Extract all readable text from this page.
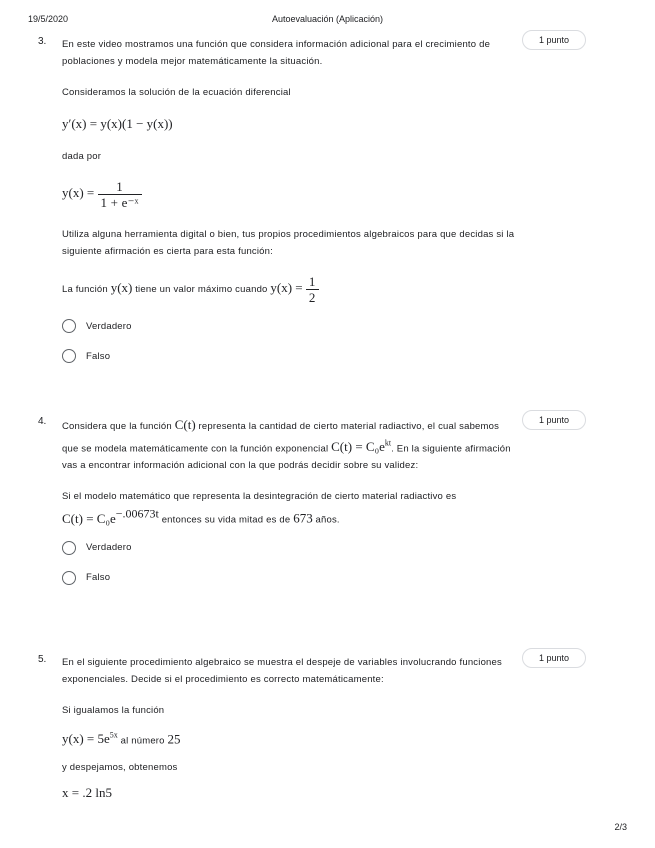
19/5/2020	Autoevaluación (Aplicación)
3.	1 punto

En este video mostramos una función que considera información adicional para el crecimiento de poblaciones y modela mejor matemáticamente la situación.

Consideramos la solución de la ecuación diferencial

y′(x) = y(x)(1 − y(x))

dada por

$y(x) = \frac{1}{\text{1 + e⁻ˣ}}$

Utiliza alguna herramienta digital o bien, tus propios procedimientos algebraicos para que decidas si la siguiente afirmación es cierta para esta función:

La función y(x) tiene un valor máximo cuando $y(x) = \frac{1}{2}$
Verdadero
Falso
4.	1 punto

Considera que la función C(t) representa la cantidad de cierto material radiactivo, el cual sabemos que se modela matemáticamente con la función exponencial $C(t) = C_0e^{kt}$. En la siguiente afirmación vas a encontrar información adicional con la que podrás decidir sobre su validez:

Si el modelo matemático que representa la desintegración de cierto material radiactivo es
$C(t) = C_0e^{-.00673t}$ entonces su vida mitad es de 673 años.

Verdadero
Falso
5.	1 punto

En el siguiente procedimiento algebraico se muestra el despeje de variables involucrando funciones exponenciales. Decide si el procedimiento es correcto matemáticamente:

Si igualamos la función

$y(x) = 5e^{5x}$ al número 25

y despejamos, obtenemos

x = .2 ln5
2/3
